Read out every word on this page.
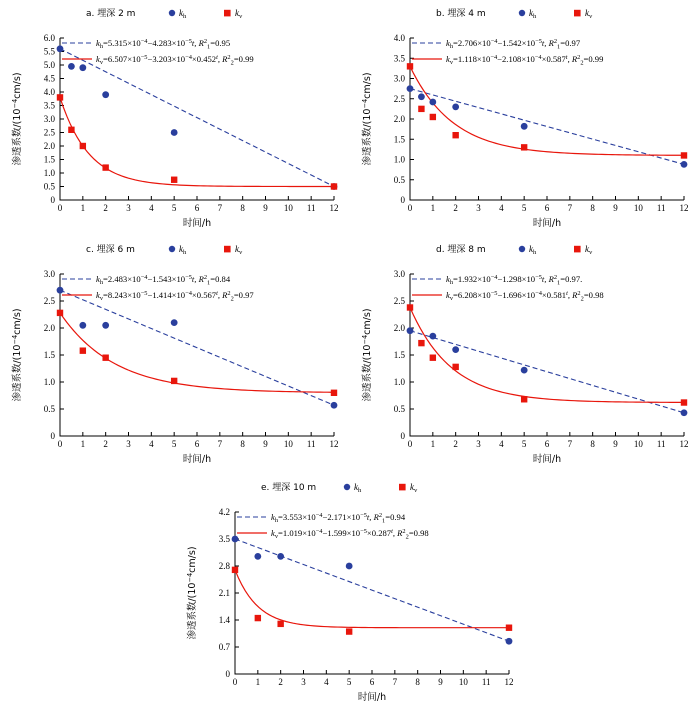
0
0.5
1.0
1.5
2.0
2.5
3.0
3.5
4.0
4.5
5.0
5.5
6.0
0 1 2 3 4 5 6 7 8 9 10 11 12
时间/h
渗透系数$/(10^{-4}cm/s)$
a. 埋深 2 m	$k_h$	$k_v$
$k_h=5.315\times 10^{-4}-4.283\times 10^{-5}t$, $R^2_1=0.95$
$k_v=6.507\times 10^{-5}-3.203\times 10^{-4}\times 0.452^t$, $R^2_2=0.99$
0
0.5
1.0
1.5
2.0
2.5
3.0
3.5
4.0
0 1 2 3 4 5 6 7 8 9 10 11 12
时间/h
渗透系数$/(10^{-4}cm/s)$
b. 埋深 4 m	$k_h$	$k_v$
$k_h=2.706\times 10^{-4}-1.542\times 10^{-5}t$, $R^2_1=0.97$
$k_v=1.118\times 10^{-4}-2.108\times 10^{-4}\times 0.587^t$, $R^2_2=0.99$
0
0.5
1.0
1.5
2.0
2.5
3.0
0 1 2 3 4 5 6 7 8 9 10 11 12
时间/h
渗透系数$/(10^{-4}cm/s)$
c. 埋深 6 m	$k_h$	$k_v$
$k_h=2.483\times 10^{-4}-1.543\times 10^{-5}t$, $R^2_1=0.84$
$k_v=8.243\times 10^{-5}-1.414\times 10^{-4}\times 0.567^t$, $R^2_2=0.97$
0
0.5
1.0
1.5
2.0
2.5
3.0
0 1 2 3 4 5 6 7 8 9 10 11 12
时间/h
渗透系数$/(10^{-4}cm/s)$
d. 埋深 8 m	$k_h$	$k_v$
$k_h=1.932\times 10^{-4}-1.298\times 10^{-5}t$, $R^2_1=0.97$.
$k_v=6.208\times 10^{-5}-1.696\times 10^{-4}\times 0.581^t$, $R^2_2=0.98$
0
0.7
1.4
2.1
2.8
3.5
4.2
0 1 2 3 4 5 6 7 8 9 10 11 12
时间/h
渗透系数$/(10^{-4}cm/s)$
e. 埋深 10 m	$k_h$	$k_v$
$k_h=3.553\times 10^{-4}-2.171\times 10^{-5}t$, $R^2_1=0.94$
$k_v=1.019\times 10^{-4}-1.599\times 10^{-5}\times 0.287^t$, $R^2_2=0.98$
